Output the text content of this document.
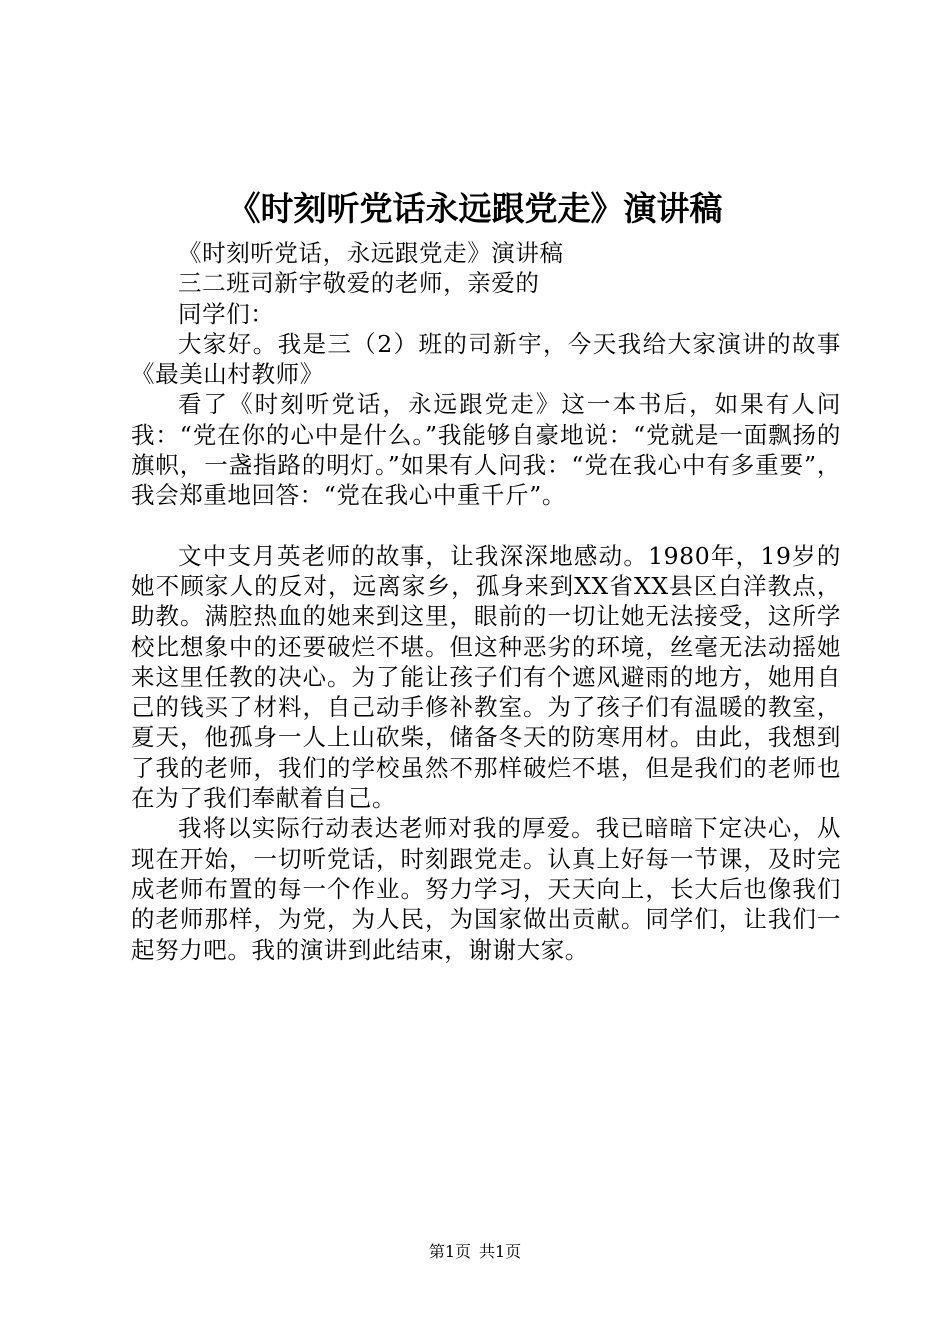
《时刻听党话永远跟党走》演讲稿

《时刻听党话，永远跟党走》演讲稿

三二班司新宇敬爱的老师，亲爱的

同学们：

大家好。我是三（2）班的司新宇，今天我给大家演讲的故事《最美山村教师》

看了《时刻听党话，永远跟党走》这一本书后，如果有人问我：“党在你的心中是什么。”我能够自豪地说：“党就是一面飘扬的旗帜，一盏指路的明灯。”如果有人问我：“党在我心中有多重要”，我会郑重地回答：“党在我心中重千斤”。

文中支月英老师的故事，让我深深地感动。1980年，19岁的她不顾家人的反对，远离家乡，孤身来到XX省XX县区白洋教点，助教。满腔热血的她来到这里，眼前的一切让她无法接受，这所学校比想象中的还要破烂不堪。但这种恶劣的环境，丝毫无法动摇她来这里任教的决心。为了能让孩子们有个遮风避雨的地方，她用自己的钱买了材料，自己动手修补教室。为了孩子们有温暖的教室，夏天，他孤身一人上山砍柴，储备冬天的防寒用材。由此，我想到了我的老师，我们的学校虽然不那样破烂不堪，但是我们的老师也在为了我们奉献着自己。

我将以实际行动表达老师对我的厚爱。我已暗暗下定决心，从现在开始，一切听党话，时刻跟党走。认真上好每一节课，及时完成老师布置的每一个作业。努力学习，天天向上，长大后也像我们的老师那样，为党，为人民，为国家做出贡献。同学们，让我们一起努力吧。我的演讲到此结束，谢谢大家。

第1页 共1页
